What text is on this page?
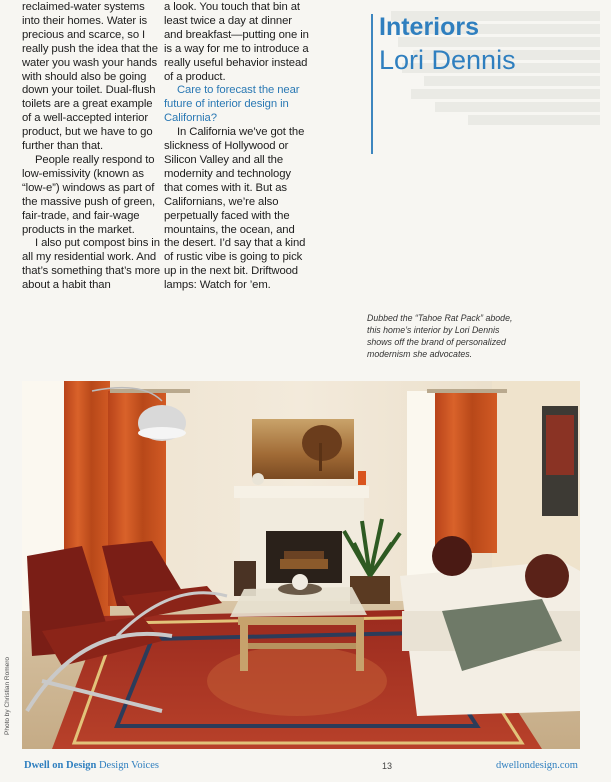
reclaimed-water systems into their homes. Water is precious and scarce, so I really push the idea that the water you wash your hands with should also be going down your toilet. Dual-flush toilets are a great example of a well-accepted interior product, but we have to go further than that.

People really respond to low-emissivity (known as “low-e”) windows as part of the massive push of green, fair-trade, and fair-wage products in the market.

I also put compost bins in all my residential work. And that’s something that’s more about a habit than

a look. You touch that bin at least twice a day at dinner and breakfast—putting one in is a way for me to introduce a really useful behavior instead of a product.

Care to forecast the near future of interior design in California?

In California we’ve got the slickness of Hollywood or Silicon Valley and all the modernity and technology that comes with it. But as Californians, we’re also perpetually faced with the mountains, the ocean, and the desert. I’d say that a kind of rustic vibe is going to pick up in the next bit. Driftwood lamps: Watch for ’em.

Interiors
Lori Dennis
Dubbed the “Tahoe Rat Pack” abode, this home’s interior by Lori Dennis shows off the brand of personalized modernism she advocates.
Photo by Christian Romero
Dwell on Design Design Voices	13	dwellondesign.com
